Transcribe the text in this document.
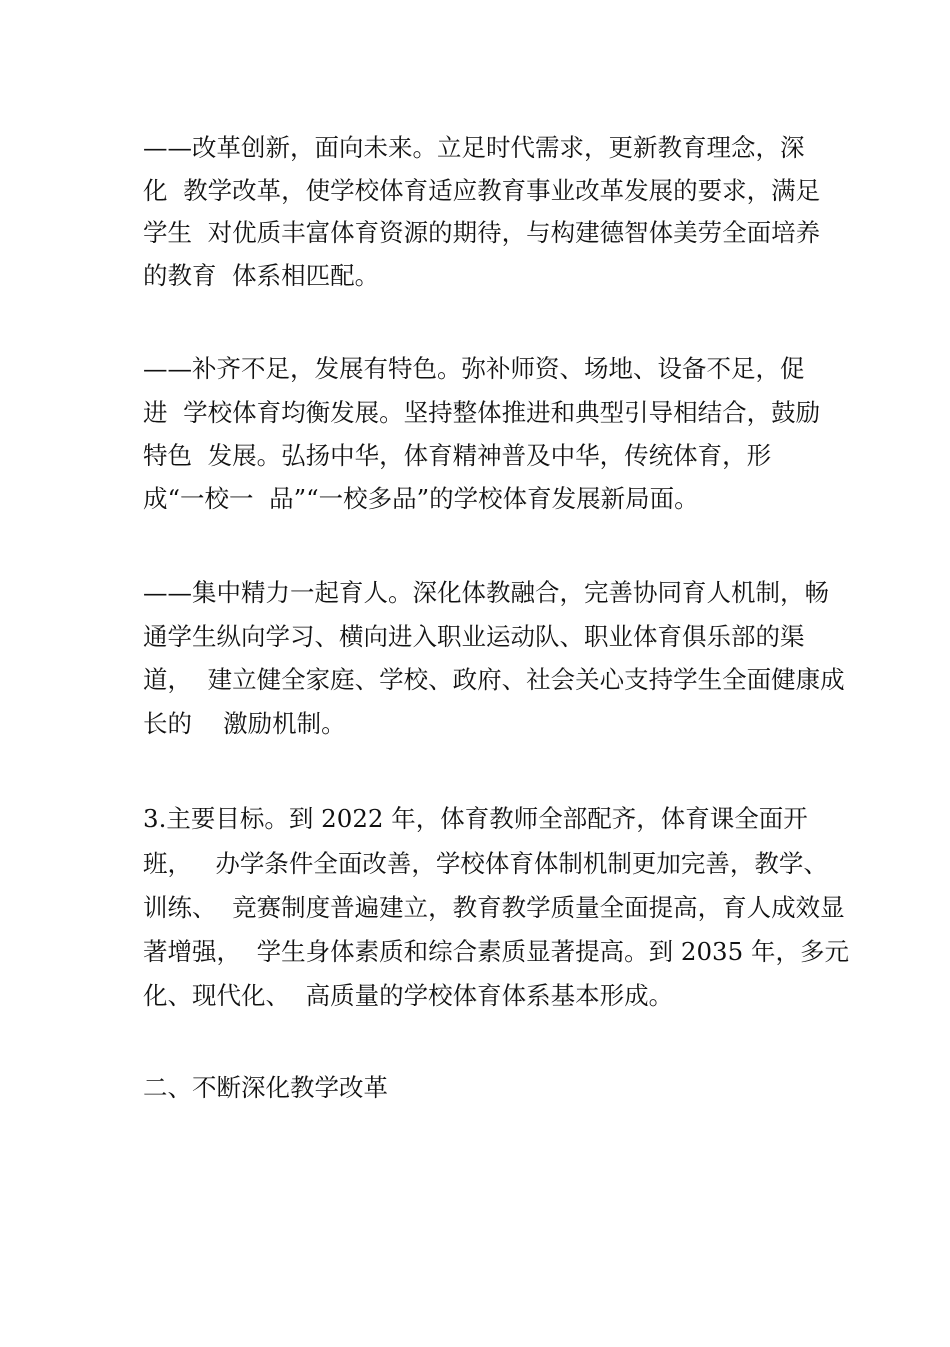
——改革创新，面向未来。立足时代需求，更新教育理念，深
化  教学改革，使学校体育适应教育事业改革发展的要求，满足
学生  对优质丰富体育资源的期待，与构建德智体美劳全面培养
的教育  体系相匹配。
——补齐不足，发展有特色。弥补师资、场地、设备不足，促
进  学校体育均衡发展。坚持整体推进和典型引导相结合，鼓励
特色  发展。弘扬中华，体育精神普及中华，传统体育，形
成“一校一  品”“一校多品”的学校体育发展新局面。
——集中精力一起育人。深化体教融合，完善协同育人机制，畅
通学生纵向学习、横向进入职业运动队、职业体育俱乐部的渠
道，  建立健全家庭、学校、政府、社会关心支持学生全面健康成
长的    激励机制。
3.主要目标。到 2022 年，体育教师全部配齐，体育课全面开
班，   办学条件全面改善，学校体育体制机制更加完善，教学、
训练、  竞赛制度普遍建立，教育教学质量全面提高，育人成效显
著增强，  学生身体素质和综合素质显著提高。到 2035 年，多元
化、现代化、  高质量的学校体育体系基本形成。
二、不断深化教学改革
